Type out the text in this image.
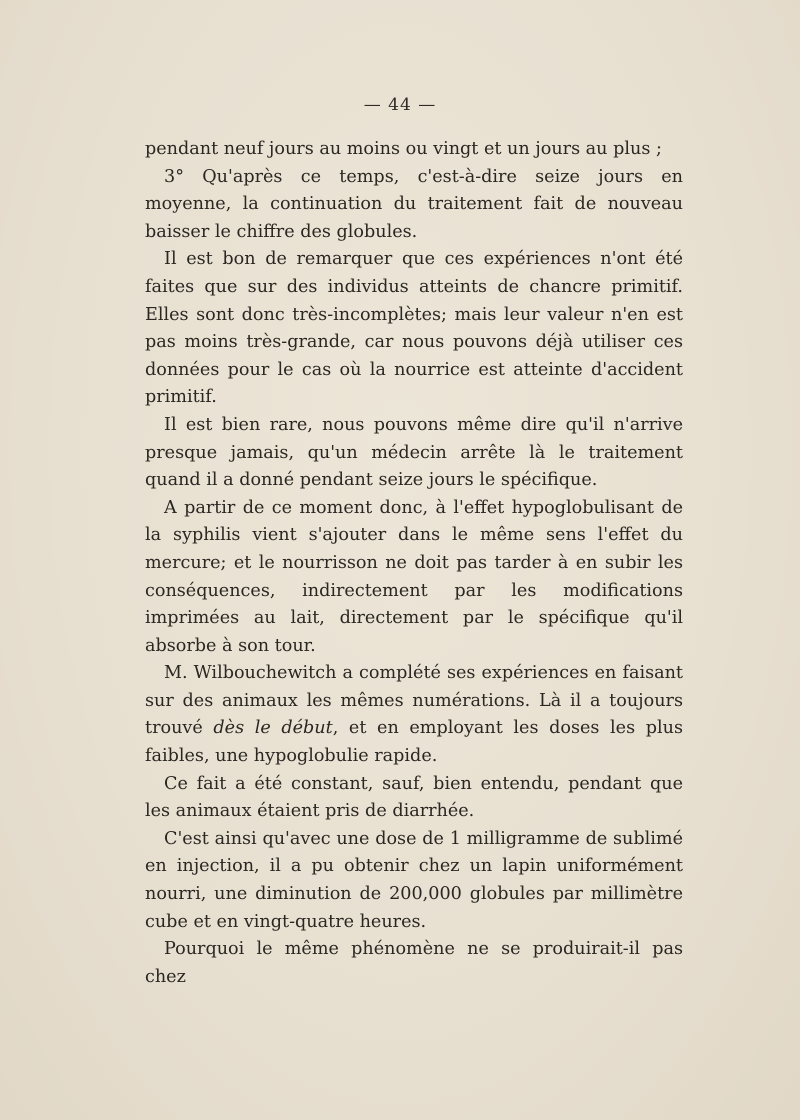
— 44 —

pendant neuf jours au moins ou vingt et un jours au plus ;

3° Qu'après ce temps, c'est-à-dire seize jours en moyenne, la continuation du traitement fait de nouveau baisser le chiffre des globules.

Il est bon de remarquer que ces expériences n'ont été faites que sur des individus atteints de chancre primitif. Elles sont donc très-incomplètes; mais leur valeur n'en est pas moins très-grande, car nous pouvons déjà utiliser ces données pour le cas où la nourrice est atteinte d'accident primitif.

Il est bien rare, nous pouvons même dire qu'il n'arrive presque jamais, qu'un médecin arrête là le traitement quand il a donné pendant seize jours le spécifique.

A partir de ce moment donc, à l'effet hypoglobulisant de la syphilis vient s'ajouter dans le même sens l'effet du mercure; et le nourrisson ne doit pas tarder à en subir les conséquences, indirectement par les modifications imprimées au lait, directement par le spécifique qu'il absorbe à son tour.

M. Wilbouchewitch a complété ses expériences en faisant sur des animaux les mêmes numérations. Là il a toujours trouvé dès le début, et en employant les doses les plus faibles, une hypoglobulie rapide.

Ce fait a été constant, sauf, bien entendu, pendant que les animaux étaient pris de diarrhée.

C'est ainsi qu'avec une dose de 1 milligramme de sublimé en injection, il a pu obtenir chez un lapin uniformément nourri, une diminution de 200,000 globules par millimètre cube et en vingt-quatre heures.

Pourquoi le même phénomène ne se produirait-il pas chez
